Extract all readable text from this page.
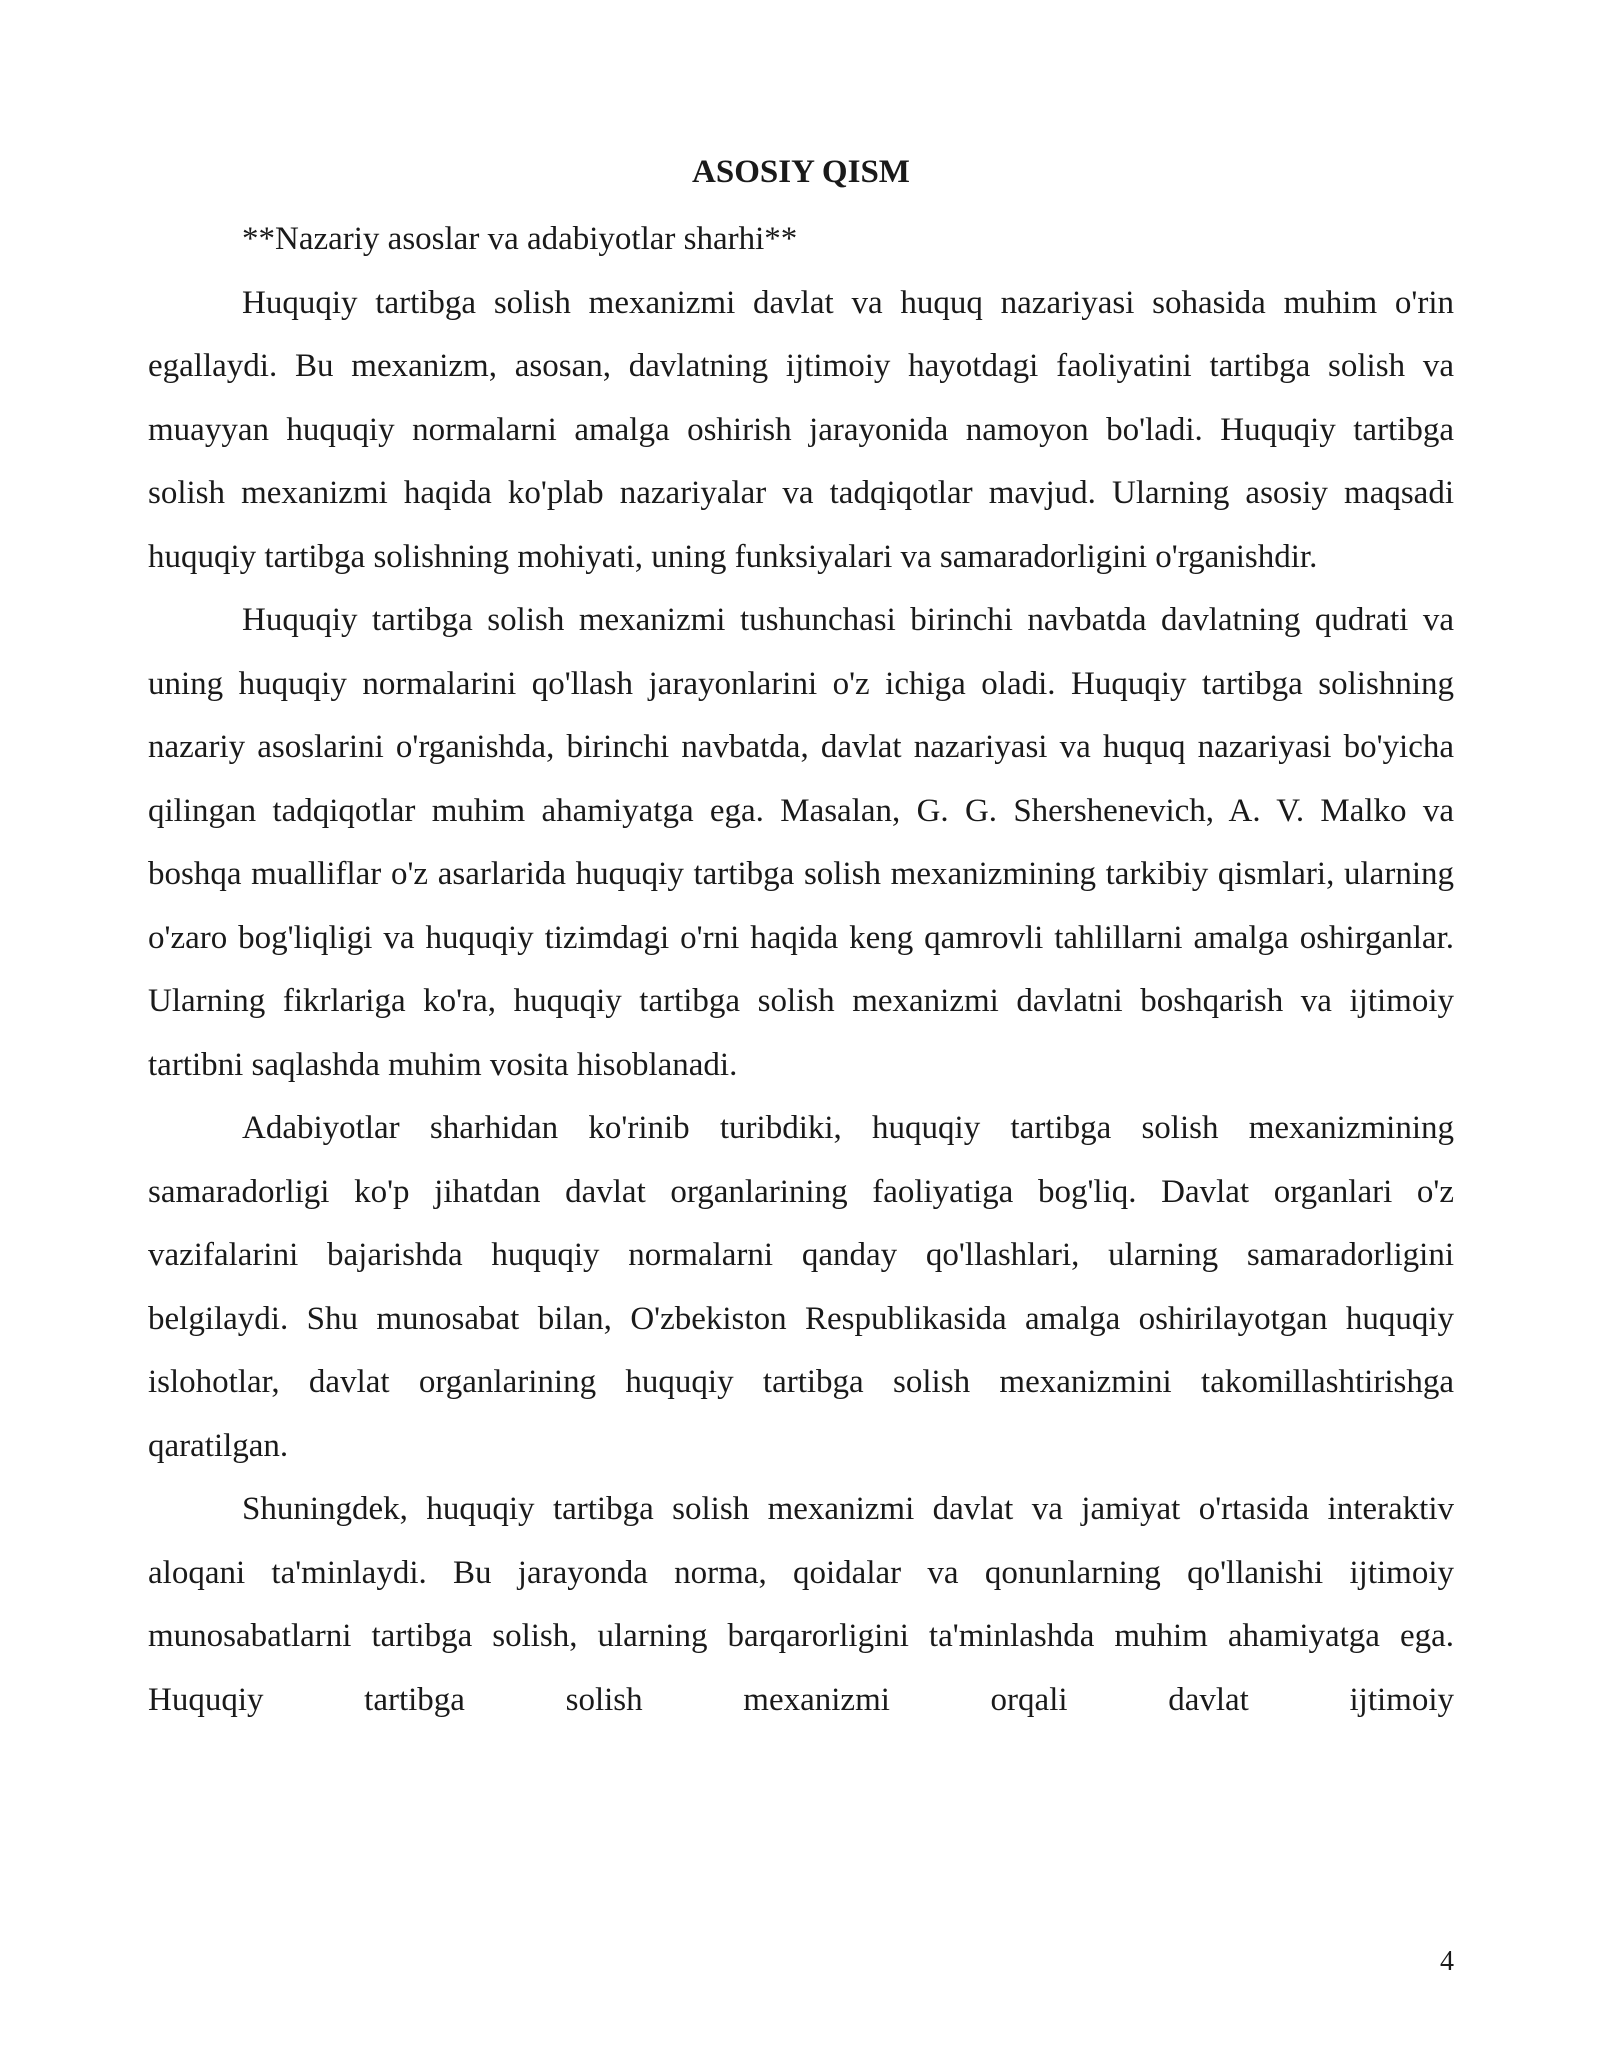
ASOSIY QISM

**Nazariy asoslar va adabiyotlar sharhi**

Huquqiy tartibga solish mexanizmi davlat va huquq nazariyasi sohasida muhim o'rin egallaydi. Bu mexanizm, asosan, davlatning ijtimoiy hayotdagi faoliyatini tartibga solish va muayyan huquqiy normalarni amalga oshirish jarayonida namoyon bo'ladi. Huquqiy tartibga solish mexanizmi haqida ko'plab nazariyalar va tadqiqotlar mavjud. Ularning asosiy maqsadi huquqiy tartibga solishning mohiyati, uning funksiyalari va samaradorligini o'rganishdir.

Huquqiy tartibga solish mexanizmi tushunchasi birinchi navbatda davlatning qudrati va uning huquqiy normalarini qo'llash jarayonlarini o'z ichiga oladi. Huquqiy tartibga solishning nazariy asoslarini o'rganishda, birinchi navbatda, davlat nazariyasi va huquq nazariyasi bo'yicha qilingan tadqiqotlar muhim ahamiyatga ega. Masalan, G. G. Shershenevich, A. V. Malko va boshqa mualliflar o'z asarlarida huquqiy tartibga solish mexanizmining tarkibiy qismlari, ularning o'zaro bog'liqligi va huquqiy tizimdagi o'rni haqida keng qamrovli tahlillarni amalga oshirganlar. Ularning fikrlariga ko'ra, huquqiy tartibga solish mexanizmi davlatni boshqarish va ijtimoiy tartibni saqlashda muhim vosita hisoblanadi.

Adabiyotlar sharhidan ko'rinib turibdiki, huquqiy tartibga solish mexanizmining samaradorligi ko'p jihatdan davlat organlarining faoliyatiga bog'liq. Davlat organlari o'z vazifalarini bajarishda huquqiy normalarni qanday qo'llashlari, ularning samaradorligini belgilaydi. Shu munosabat bilan, O'zbekiston Respublikasida amalga oshirilayotgan huquqiy islohotlar, davlat organlarining huquqiy tartibga solish mexanizmini takomillashtirishga qaratilgan.

Shuningdek, huquqiy tartibga solish mexanizmi davlat va jamiyat o'rtasida interaktiv aloqani ta'minlaydi. Bu jarayonda norma, qoidalar va qonunlarning qo'llanishi ijtimoiy munosabatlarni tartibga solish, ularning barqarorligini ta'minlashda muhim ahamiyatga ega. Huquqiy tartibga solish mexanizmi orqali davlat ijtimoiy

4
